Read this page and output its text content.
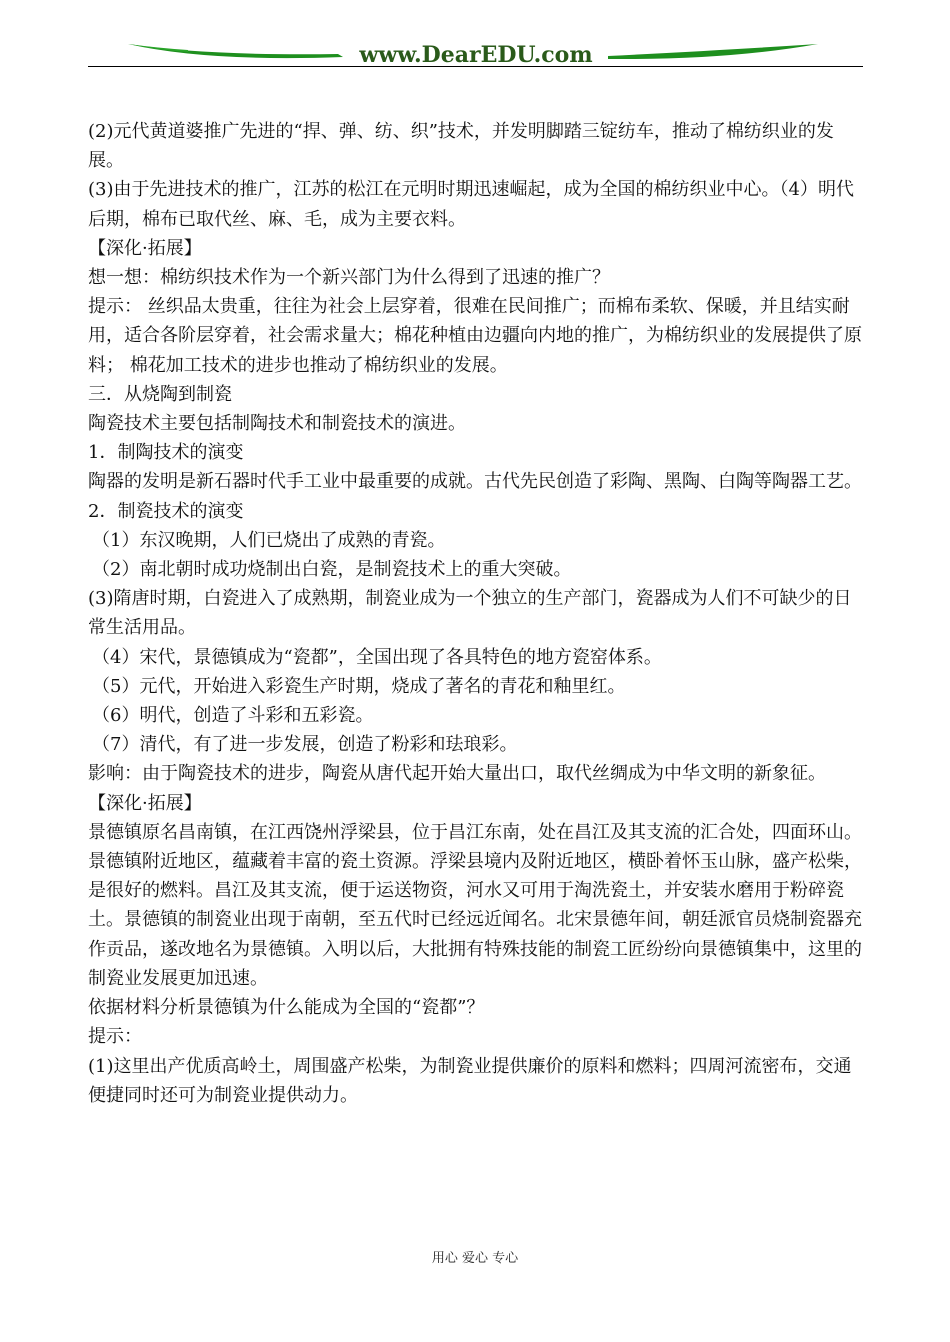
www.DearEDU.com

(2)元代黄道婆推广先进的“捍、弹、纺、织”技术，并发明脚踏三锭纺车，推动了棉纺织业的发展。

(3)由于先进技术的推广，江苏的松江在元明时期迅速崛起，成为全国的棉纺织业中心。（4）明代后期，棉布已取代丝、麻、毛，成为主要衣料。

【深化·拓展】

想一想：棉纺织技术作为一个新兴部门为什么得到了迅速的推广？

提示： 丝织品太贵重，往往为社会上层穿着，很难在民间推广；而棉布柔软、保暖，并且结实耐用，适合各阶层穿着，社会需求量大；棉花种植由边疆向内地的推广，为棉纺织业的发展提供了原料； 棉花加工技术的进步也推动了棉纺织业的发展。

三．从烧陶到制瓷

陶瓷技术主要包括制陶技术和制瓷技术的演进。

1．制陶技术的演变

陶器的发明是新石器时代手工业中最重要的成就。古代先民创造了彩陶、黑陶、白陶等陶器工艺。

2．制瓷技术的演变

（1）东汉晚期，人们已烧出了成熟的青瓷。

（2）南北朝时成功烧制出白瓷，是制瓷技术上的重大突破。

(3)隋唐时期，白瓷进入了成熟期，制瓷业成为一个独立的生产部门，瓷器成为人们不可缺少的日常生活用品。

（4）宋代，景德镇成为“瓷都”，全国出现了各具特色的地方瓷窑体系。

（5）元代，开始进入彩瓷生产时期，烧成了著名的青花和釉里红。

（6）明代，创造了斗彩和五彩瓷。

（7）清代，有了进一步发展，创造了粉彩和珐琅彩。

影响：由于陶瓷技术的进步，陶瓷从唐代起开始大量出口，取代丝绸成为中华文明的新象征。

【深化·拓展】

景德镇原名昌南镇，在江西饶州浮梁县，位于昌江东南，处在昌江及其支流的汇合处，四面环山。景德镇附近地区，蕴藏着丰富的瓷土资源。浮梁县境内及附近地区，横卧着怀玉山脉，盛产松柴，是很好的燃料。昌江及其支流，便于运送物资，河水又可用于淘洗瓷土，并安装水磨用于粉碎瓷土。景德镇的制瓷业出现于南朝，至五代时已经远近闻名。北宋景德年间，朝廷派官员烧制瓷器充作贡品，遂改地名为景德镇。入明以后，大批拥有特殊技能的制瓷工匠纷纷向景德镇集中，这里的制瓷业发展更加迅速。

依据材料分析景德镇为什么能成为全国的“瓷都”？

提示：

(1)这里出产优质高岭土，周围盛产松柴，为制瓷业提供廉价的原料和燃料；四周河流密布，交通便捷同时还可为制瓷业提供动力。

用心 爱心 专心
